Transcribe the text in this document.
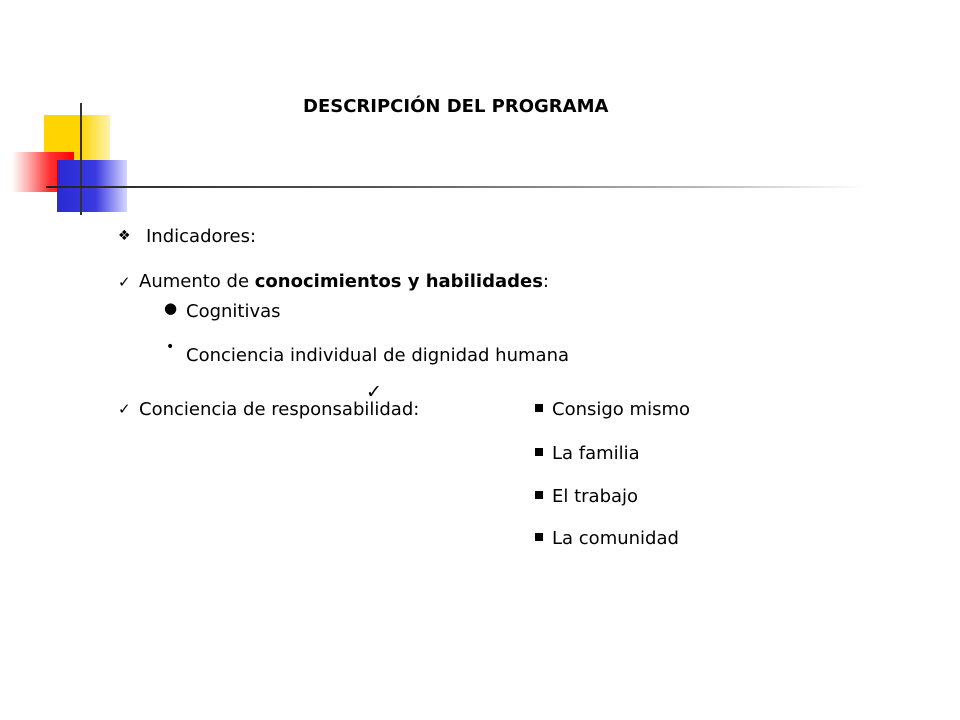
DESCRIPCIÓN DEL PROGRAMA
❖ Indicadores:
✓ Aumento de conocimientos y habilidades:
● Cognitivas
• Conciencia individual de dignidad humana
✓ Conciencia de responsabilidad:
✓
Consigo mismo
La familia
El trabajo
La comunidad
